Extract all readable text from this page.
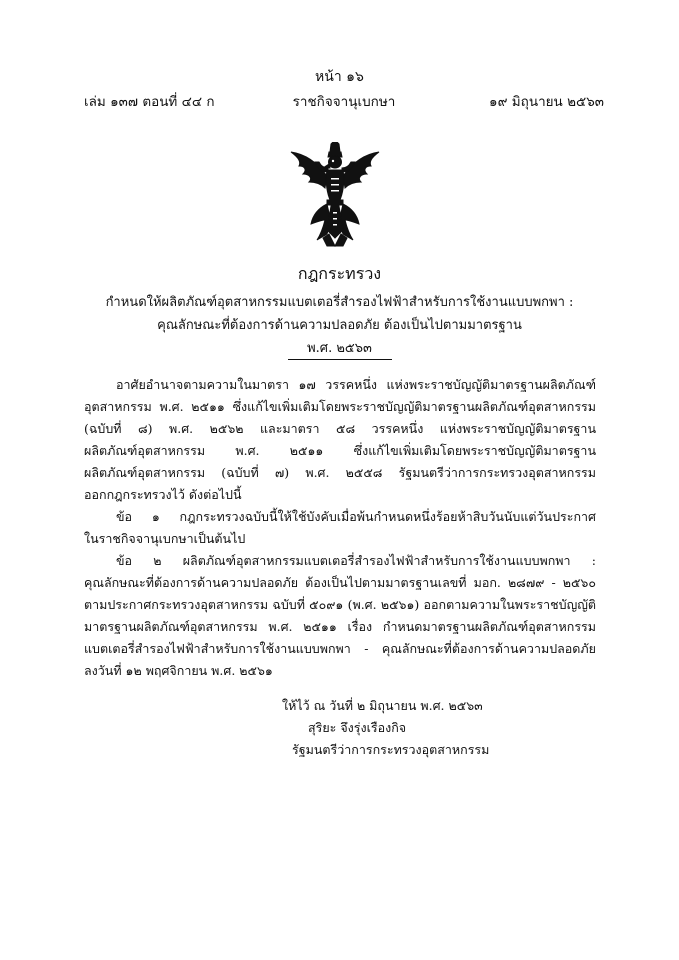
หน้า ๑๖
เล่ม ๑๓๗ ตอนที่ ๔๔ ก	ราชกิจจานุเบกษา	๑๙ มิถุนายน ๒๕๖๓
กฎกระทรวง
กำหนดให้ผลิตภัณฑ์อุตสาหกรรมแบตเตอรี่สำรองไฟฟ้าสำหรับการใช้งานแบบพกพา :
คุณลักษณะที่ต้องการด้านความปลอดภัย ต้องเป็นไปตามมาตรฐาน
พ.ศ. ๒๕๖๓
อาศัยอำนาจตามความในมาตรา ๑๗ วรรคหนึ่ง แห่งพระราชบัญญัติมาตรฐานผลิตภัณฑ์
อุตสาหกรรม พ.ศ. ๒๕๑๑ ซึ่งแก้ไขเพิ่มเติมโดยพระราชบัญญัติมาตรฐานผลิตภัณฑ์อุตสาหกรรม
(ฉบับที่ ๘) พ.ศ. ๒๕๖๒ และมาตรา ๕๘ วรรคหนึ่ง แห่งพระราชบัญญัติมาตรฐาน
ผลิตภัณฑ์อุตสาหกรรม พ.ศ. ๒๕๑๑ ซึ่งแก้ไขเพิ่มเติมโดยพระราชบัญญัติมาตรฐาน
ผลิตภัณฑ์อุตสาหกรรม (ฉบับที่ ๗) พ.ศ. ๒๕๕๘ รัฐมนตรีว่าการกระทรวงอุตสาหกรรม
ออกกฎกระทรวงไว้ ดังต่อไปนี้
ข้อ ๑ กฎกระทรวงฉบับนี้ให้ใช้บังคับเมื่อพ้นกำหนดหนึ่งร้อยห้าสิบวันนับแต่วันประกาศ
ในราชกิจจานุเบกษาเป็นต้นไป
ข้อ ๒ ผลิตภัณฑ์อุตสาหกรรมแบตเตอรี่สำรองไฟฟ้าสำหรับการใช้งานแบบพกพา :
คุณลักษณะที่ต้องการด้านความปลอดภัย ต้องเป็นไปตามมาตรฐานเลขที่ มอก. ๒๘๗๙ - ๒๕๖๐
ตามประกาศกระทรวงอุตสาหกรรม ฉบับที่ ๕๐๙๑ (พ.ศ. ๒๕๖๑) ออกตามความในพระราชบัญญัติ
มาตรฐานผลิตภัณฑ์อุตสาหกรรม พ.ศ. ๒๕๑๑ เรื่อง กำหนดมาตรฐานผลิตภัณฑ์อุตสาหกรรม
แบตเตอรี่สำรองไฟฟ้าสำหรับการใช้งานแบบพกพา - คุณลักษณะที่ต้องการด้านความปลอดภัย
ลงวันที่ ๑๒ พฤศจิกายน พ.ศ. ๒๕๖๑
ให้ไว้ ณ วันที่ ๒ มิถุนายน พ.ศ. ๒๕๖๓
สุริยะ จึงรุ่งเรืองกิจ
รัฐมนตรีว่าการกระทรวงอุตสาหกรรม
